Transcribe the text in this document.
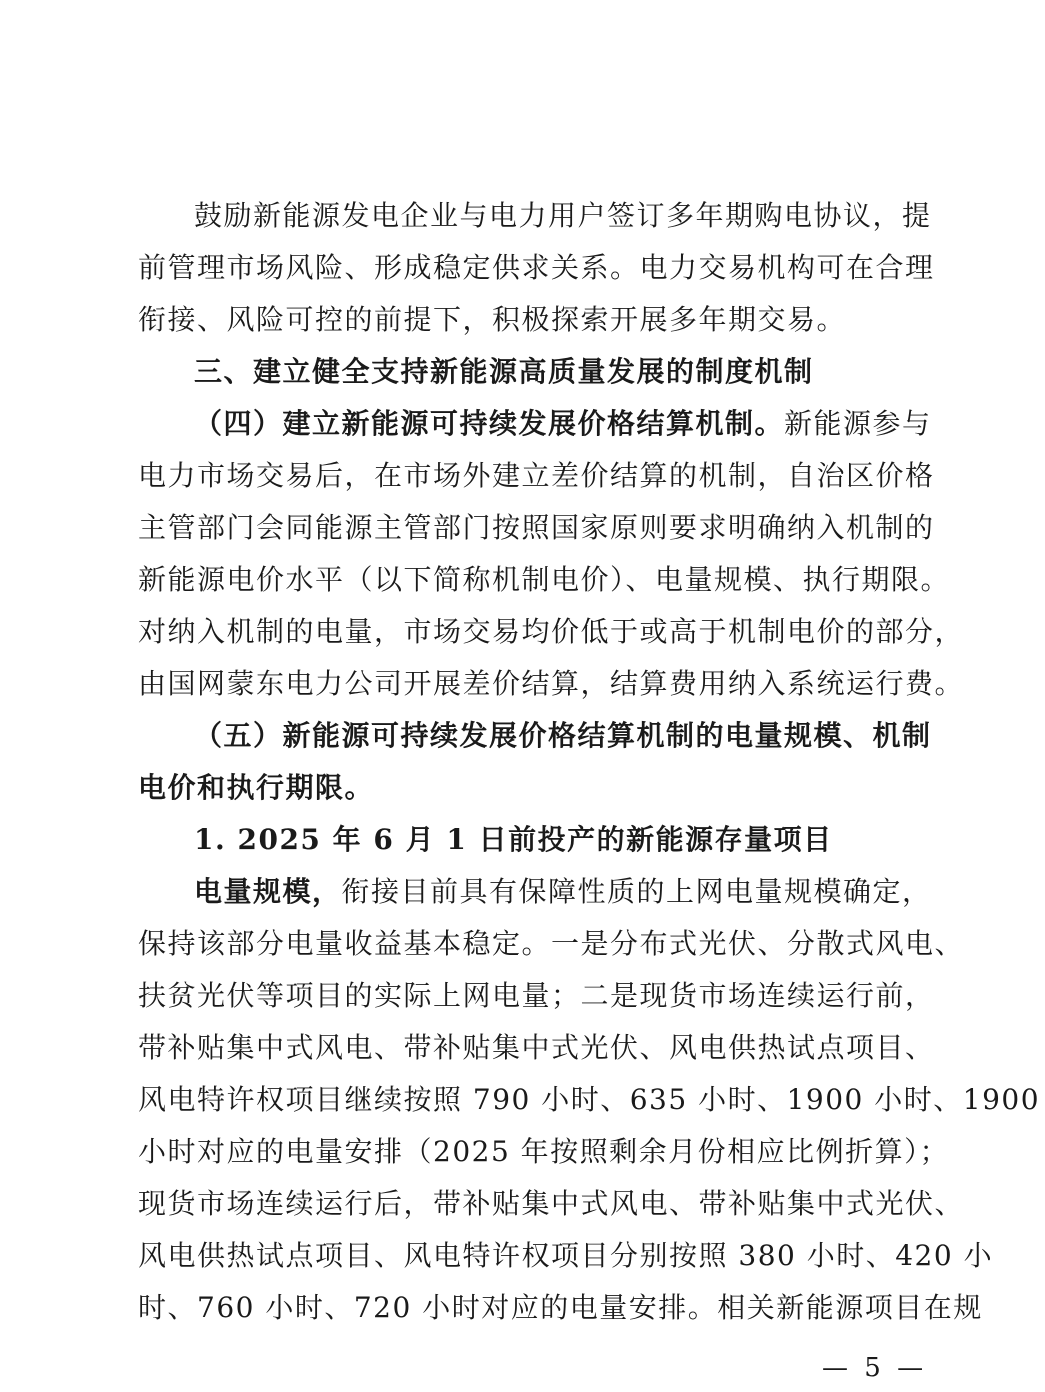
鼓励新能源发电企业与电力用户签订多年期购电协议，提
前管理市场风险、形成稳定供求关系。电力交易机构可在合理
衔接、风险可控的前提下，积极探索开展多年期交易。
三、建立健全支持新能源高质量发展的制度机制
（四）建立新能源可持续发展价格结算机制。新能源参与
电力市场交易后，在市场外建立差价结算的机制，自治区价格
主管部门会同能源主管部门按照国家原则要求明确纳入机制的
新能源电价水平（以下简称机制电价）、电量规模、执行期限。
对纳入机制的电量，市场交易均价低于或高于机制电价的部分，
由国网蒙东电力公司开展差价结算，结算费用纳入系统运行费。
（五）新能源可持续发展价格结算机制的电量规模、机制
电价和执行期限。
1. 2025 年 6 月 1 日前投产的新能源存量项目
电量规模，衔接目前具有保障性质的上网电量规模确定，
保持该部分电量收益基本稳定。一是分布式光伏、分散式风电、
扶贫光伏等项目的实际上网电量；二是现货市场连续运行前，
带补贴集中式风电、带补贴集中式光伏、风电供热试点项目、
风电特许权项目继续按照 790 小时、635 小时、1900 小时、1900
小时对应的电量安排（2025 年按照剩余月份相应比例折算）；
现货市场连续运行后，带补贴集中式风电、带补贴集中式光伏、
风电供热试点项目、风电特许权项目分别按照 380 小时、420 小
时、760 小时、720 小时对应的电量安排。相关新能源项目在规
— 5 —
